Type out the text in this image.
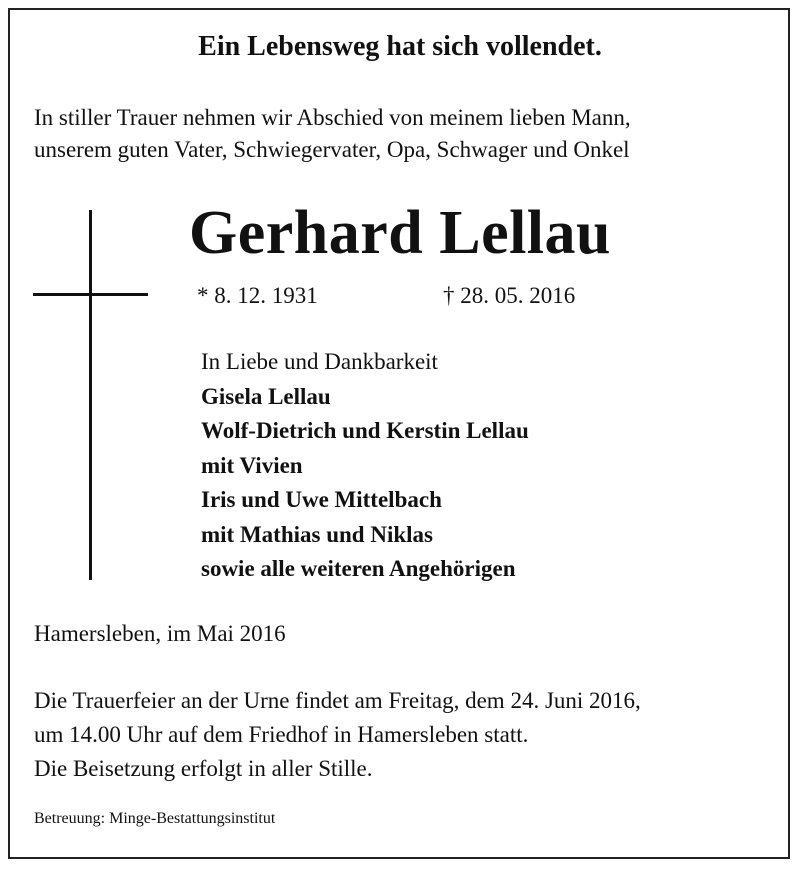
Ein Lebensweg hat sich vollendet.
In stiller Trauer nehmen wir Abschied von meinem lieben Mann,
unserem guten Vater, Schwiegervater, Opa, Schwager und Onkel
Gerhard Lellau
* 8. 12. 1931	† 28. 05. 2016
In Liebe und Dankbarkeit
Gisela Lellau
Wolf-Dietrich und Kerstin Lellau
mit Vivien
Iris und Uwe Mittelbach
mit Mathias und Niklas
sowie alle weiteren Angehörigen
Hamersleben, im Mai 2016
Die Trauerfeier an der Urne findet am Freitag, dem 24. Juni 2016,
um 14.00 Uhr auf dem Friedhof in Hamersleben statt.
Die Beisetzung erfolgt in aller Stille.
Betreuung: Minge-Bestattungsinstitut
